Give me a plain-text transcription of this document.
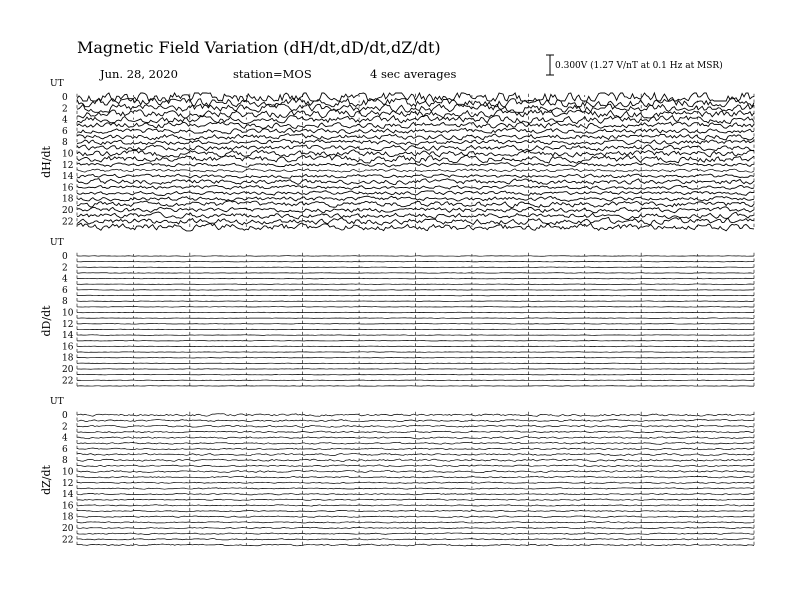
Magnetic Field Variation (dH/dt,dD/dt,dZ/dt)
Jun. 28, 2020	station=MOS	4 sec averages
0.300V (1.27 V/nT at 0.1 Hz at MSR)
UT
dH/dt
0
2
4
6
8
10
12
14
16
18
20
22
UT
dD/dt
0
2
4
6
8
10
12
14
16
18
20
22
UT
dZ/dt
0
2
4
6
8
10
12
14
16
18
20
22
